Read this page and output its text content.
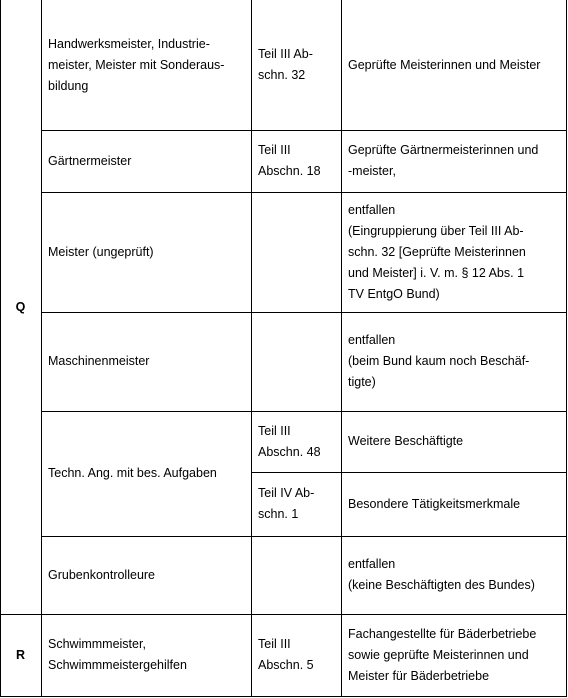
Q
R
Handwerksmeister, Industrie-
meister, Meister mit Sonderaus-
bildung
Teil III Ab-
schn. 32
Geprüfte Meisterinnen und Meister
Gärtnermeister
Teil III
Abschn. 18
Geprüfte Gärtnermeisterinnen und
-meister,
Meister (ungeprüft)
entfallen
(Eingruppierung über Teil III Ab-
schn. 32 [Geprüfte Meisterinnen
und Meister] i. V. m. § 12 Abs. 1
TV EntgO Bund)
Maschinenmeister
entfallen
(beim Bund kaum noch Beschäf-
tigte)
Techn. Ang. mit bes. Aufgaben
Teil III
Abschn. 48
Weitere Beschäftigte
Teil IV Ab-
schn. 1
Besondere Tätigkeitsmerkmale
Grubenkontrolleure
entfallen
(keine Beschäftigten des Bundes)
Schwimmmeister,
Schwimmmeistergehilfen
Teil III
Abschn. 5
Fachangestellte für Bäderbetriebe
sowie geprüfte Meisterinnen und
Meister für Bäderbetriebe
